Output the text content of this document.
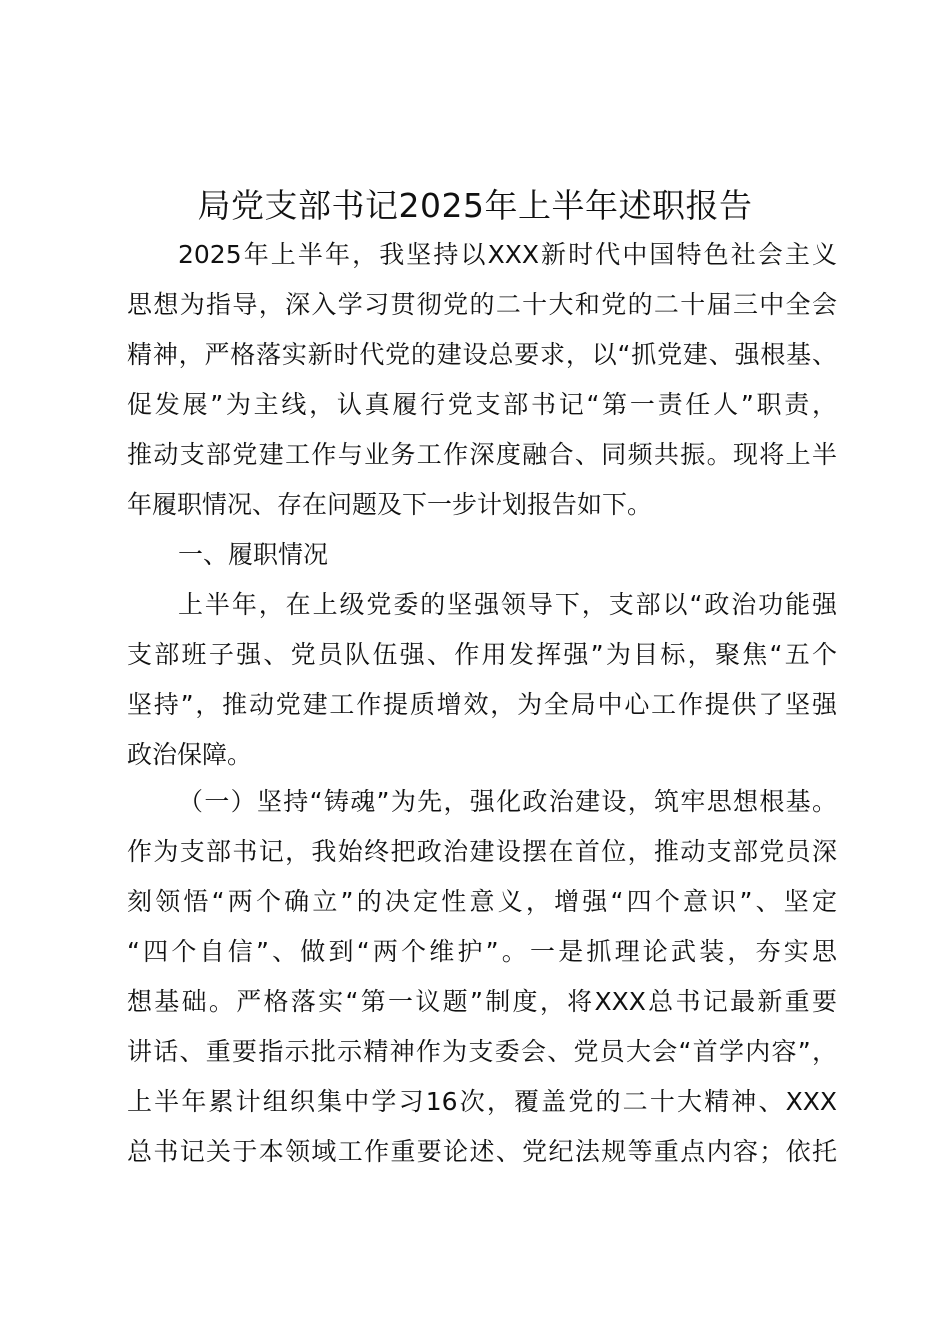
局党支部书记2025年上半年述职报告
2025年上半年，我坚持以XXX新时代中国特色社会主义
思想为指导，深入学习贯彻党的二十大和党的二十届三中全会
精神，严格落实新时代党的建设总要求，以“抓党建、强根基、
促发展”为主线，认真履行党支部书记“第一责任人”职责，
推动支部党建工作与业务工作深度融合、同频共振。现将上半
年履职情况、存在问题及下一步计划报告如下。
一、履职情况
上半年，在上级党委的坚强领导下，支部以“政治功能强
支部班子强、党员队伍强、作用发挥强”为目标，聚焦“五个
坚持”，推动党建工作提质增效，为全局中心工作提供了坚强
政治保障。
（一）坚持“铸魂”为先，强化政治建设，筑牢思想根基。
作为支部书记，我始终把政治建设摆在首位，推动支部党员深
刻领悟“两个确立”的决定性意义，增强“四个意识”、坚定
“四个自信”、做到“两个维护”。一是抓理论武装，夯实思
想基础。严格落实“第一议题”制度，将XXX总书记最新重要
讲话、重要指示批示精神作为支委会、党员大会“首学内容”，
上半年累计组织集中学习16次，覆盖党的二十大精神、XXX
总书记关于本领域工作重要论述、党纪法规等重点内容；依托
